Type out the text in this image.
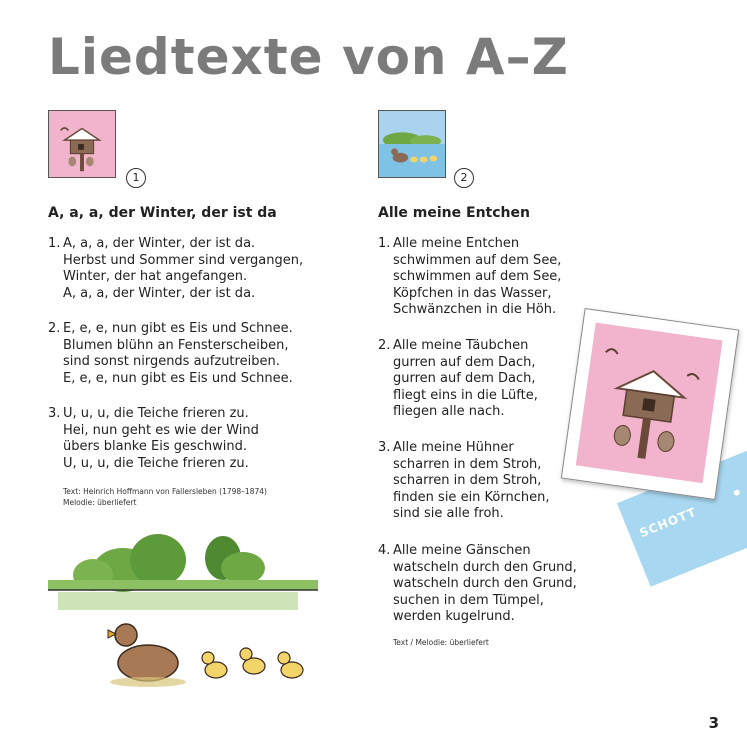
Liedtexte von A–Z
1
A, a, a, der Winter, der ist da
1. A, a, a, der Winter, der ist da.
Herbst und Sommer sind vergangen,
Winter, der hat angefangen.
A, a, a, der Winter, der ist da.
2. E, e, e, nun gibt es Eis und Schnee.
Blumen blühn an Fensterscheiben,
sind sonst nirgends aufzutreiben.
E, e, e, nun gibt es Eis und Schnee.
3. U, u, u, die Teiche frieren zu.
Hei, nun geht es wie der Wind
übers blanke Eis geschwind.
U, u, u, die Teiche frieren zu.
Text: Heinrich Hoffmann von Fallersleben (1798–1874)
Melodie: überliefert
2
Alle meine Entchen
1. Alle meine Entchen
schwimmen auf dem See,
schwimmen auf dem See,
Köpfchen in das Wasser,
Schwänzchen in die Höh.
2. Alle meine Täubchen
gurren auf dem Dach,
gurren auf dem Dach,
fliegt eins in die Lüfte,
fliegen alle nach.
3. Alle meine Hühner
scharren in dem Stroh,
scharren in dem Stroh,
finden sie ein Körnchen,
sind sie alle froh.
4. Alle meine Gänschen
watscheln durch den Grund,
watscheln durch den Grund,
suchen in dem Tümpel,
werden kugelrund.
Text / Melodie: überliefert
SCHOTT
3
